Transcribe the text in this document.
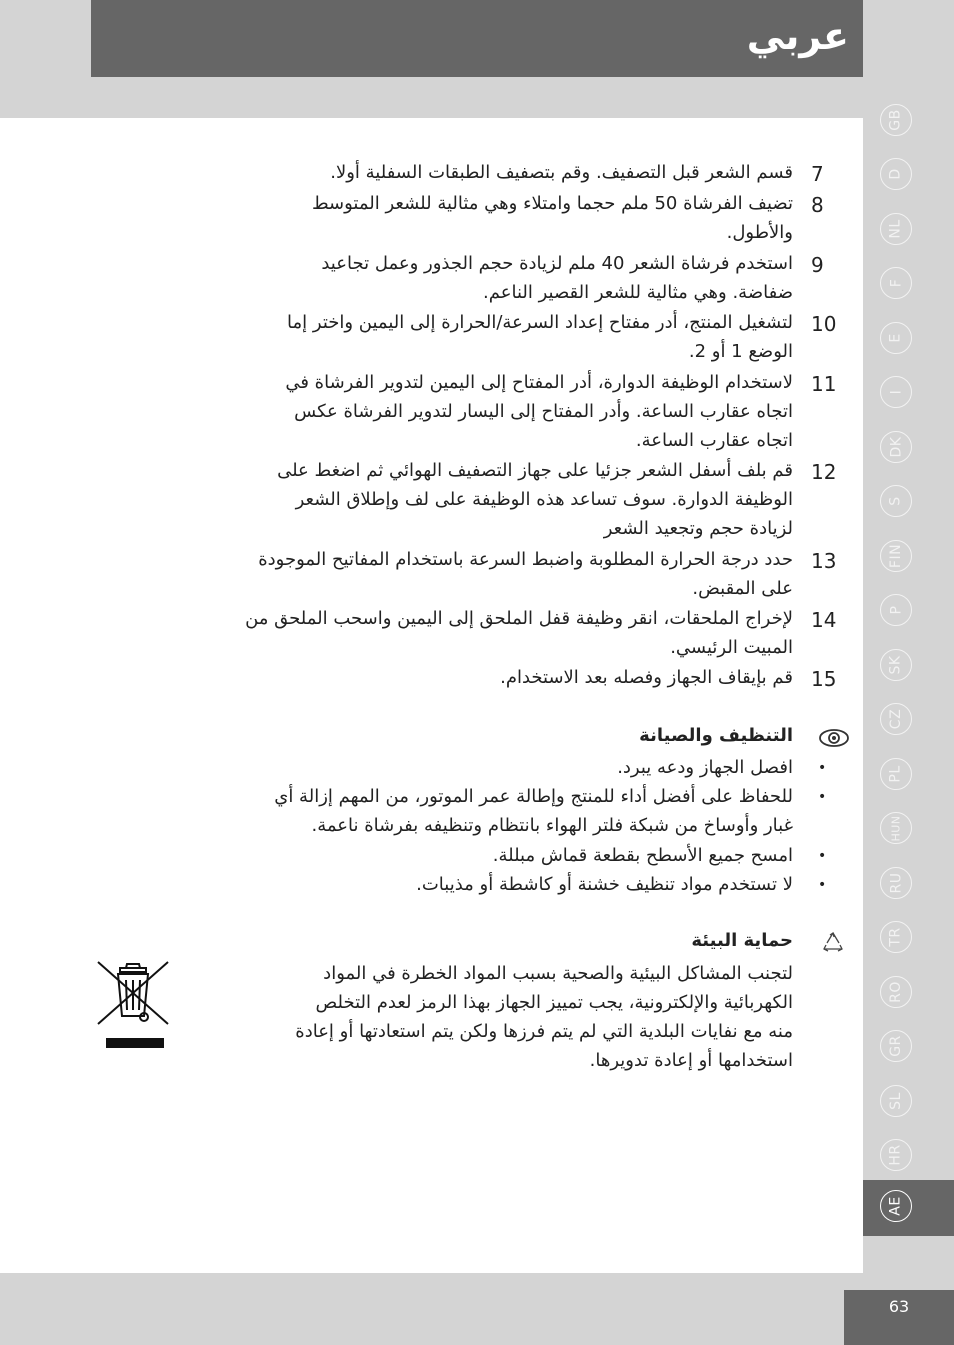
عربي
7
قسم الشعر قبل التصفيف. وقم بتصفيف الطبقات السفلية أولا.
8
تضيف الفرشاة 50 ملم حجما وامتلاء وهي مثالية للشعر المتوسط
والأطول.
9
استخدم فرشاة الشعر 40 ملم لزيادة حجم الجذور وعمل تجاعيد
ضفاضة. وهي مثالية للشعر القصير الناعم.
10
لتشغيل المنتج، أدر مفتاح إعداد السرعة/الحرارة إلى اليمين واختر إما
الوضع 1 أو 2.
11
لاستخدام الوظيفة الدوارة، أدر المفتاح إلى اليمين لتدوير الفرشاة في
اتجاه عقارب الساعة. وأدر المفتاح إلى اليسار لتدوير الفرشاة عكس
اتجاه عقارب الساعة.
12
قم بلف أسفل الشعر جزئيا على جهاز التصفيف الهوائي ثم اضغط على
الوظيفة الدوارة. سوف تساعد هذه الوظيفة على لف وإطلاق الشعر
لزيادة حجم وتجعيد الشعر
13
حدد درجة الحرارة المطلوبة واضبط السرعة باستخدام المفاتيح الموجودة
على المقبض.
14
لإخراج الملحقات، انقر وظيفة قفل الملحق إلى اليمين واسحب الملحق من
المبيت الرئيسي.
15
قم بإيقاف الجهاز وفصله بعد الاستخدام.
التنظيف والصيانة
•
افصل الجهاز ودعه يبرد.
•
للحفاظ على أفضل أداء للمنتج وإطالة عمر الموتور، من المهم إزالة أي
غبار وأوساخ من شبكة فلتر الهواء بانتظام وتنظيفه بفرشاة ناعمة.
•
امسح جميع الأسطح بقطعة قماش مبللة.
•
لا تستخدم مواد تنظيف خشنة أو كاشطة أو مذيبات.
حماية البيئة
لتجنب المشاكل البيئية والصحية بسبب المواد الخطرة في المواد
الكهربائية والإلكترونية، يجب تمييز الجهاز بهذا الرمز لعدم التخلص
منه مع نفايات البلدية التي لم يتم فرزها ولكن يتم استعادتها أو إعادة
استخدامها أو إعادة تدويرها.
GB
D
NL
F
E
I
DK
S
FIN
P
SK
CZ
PL
HUN
RU
TR
RO
GR
SL
HR
AE
63
